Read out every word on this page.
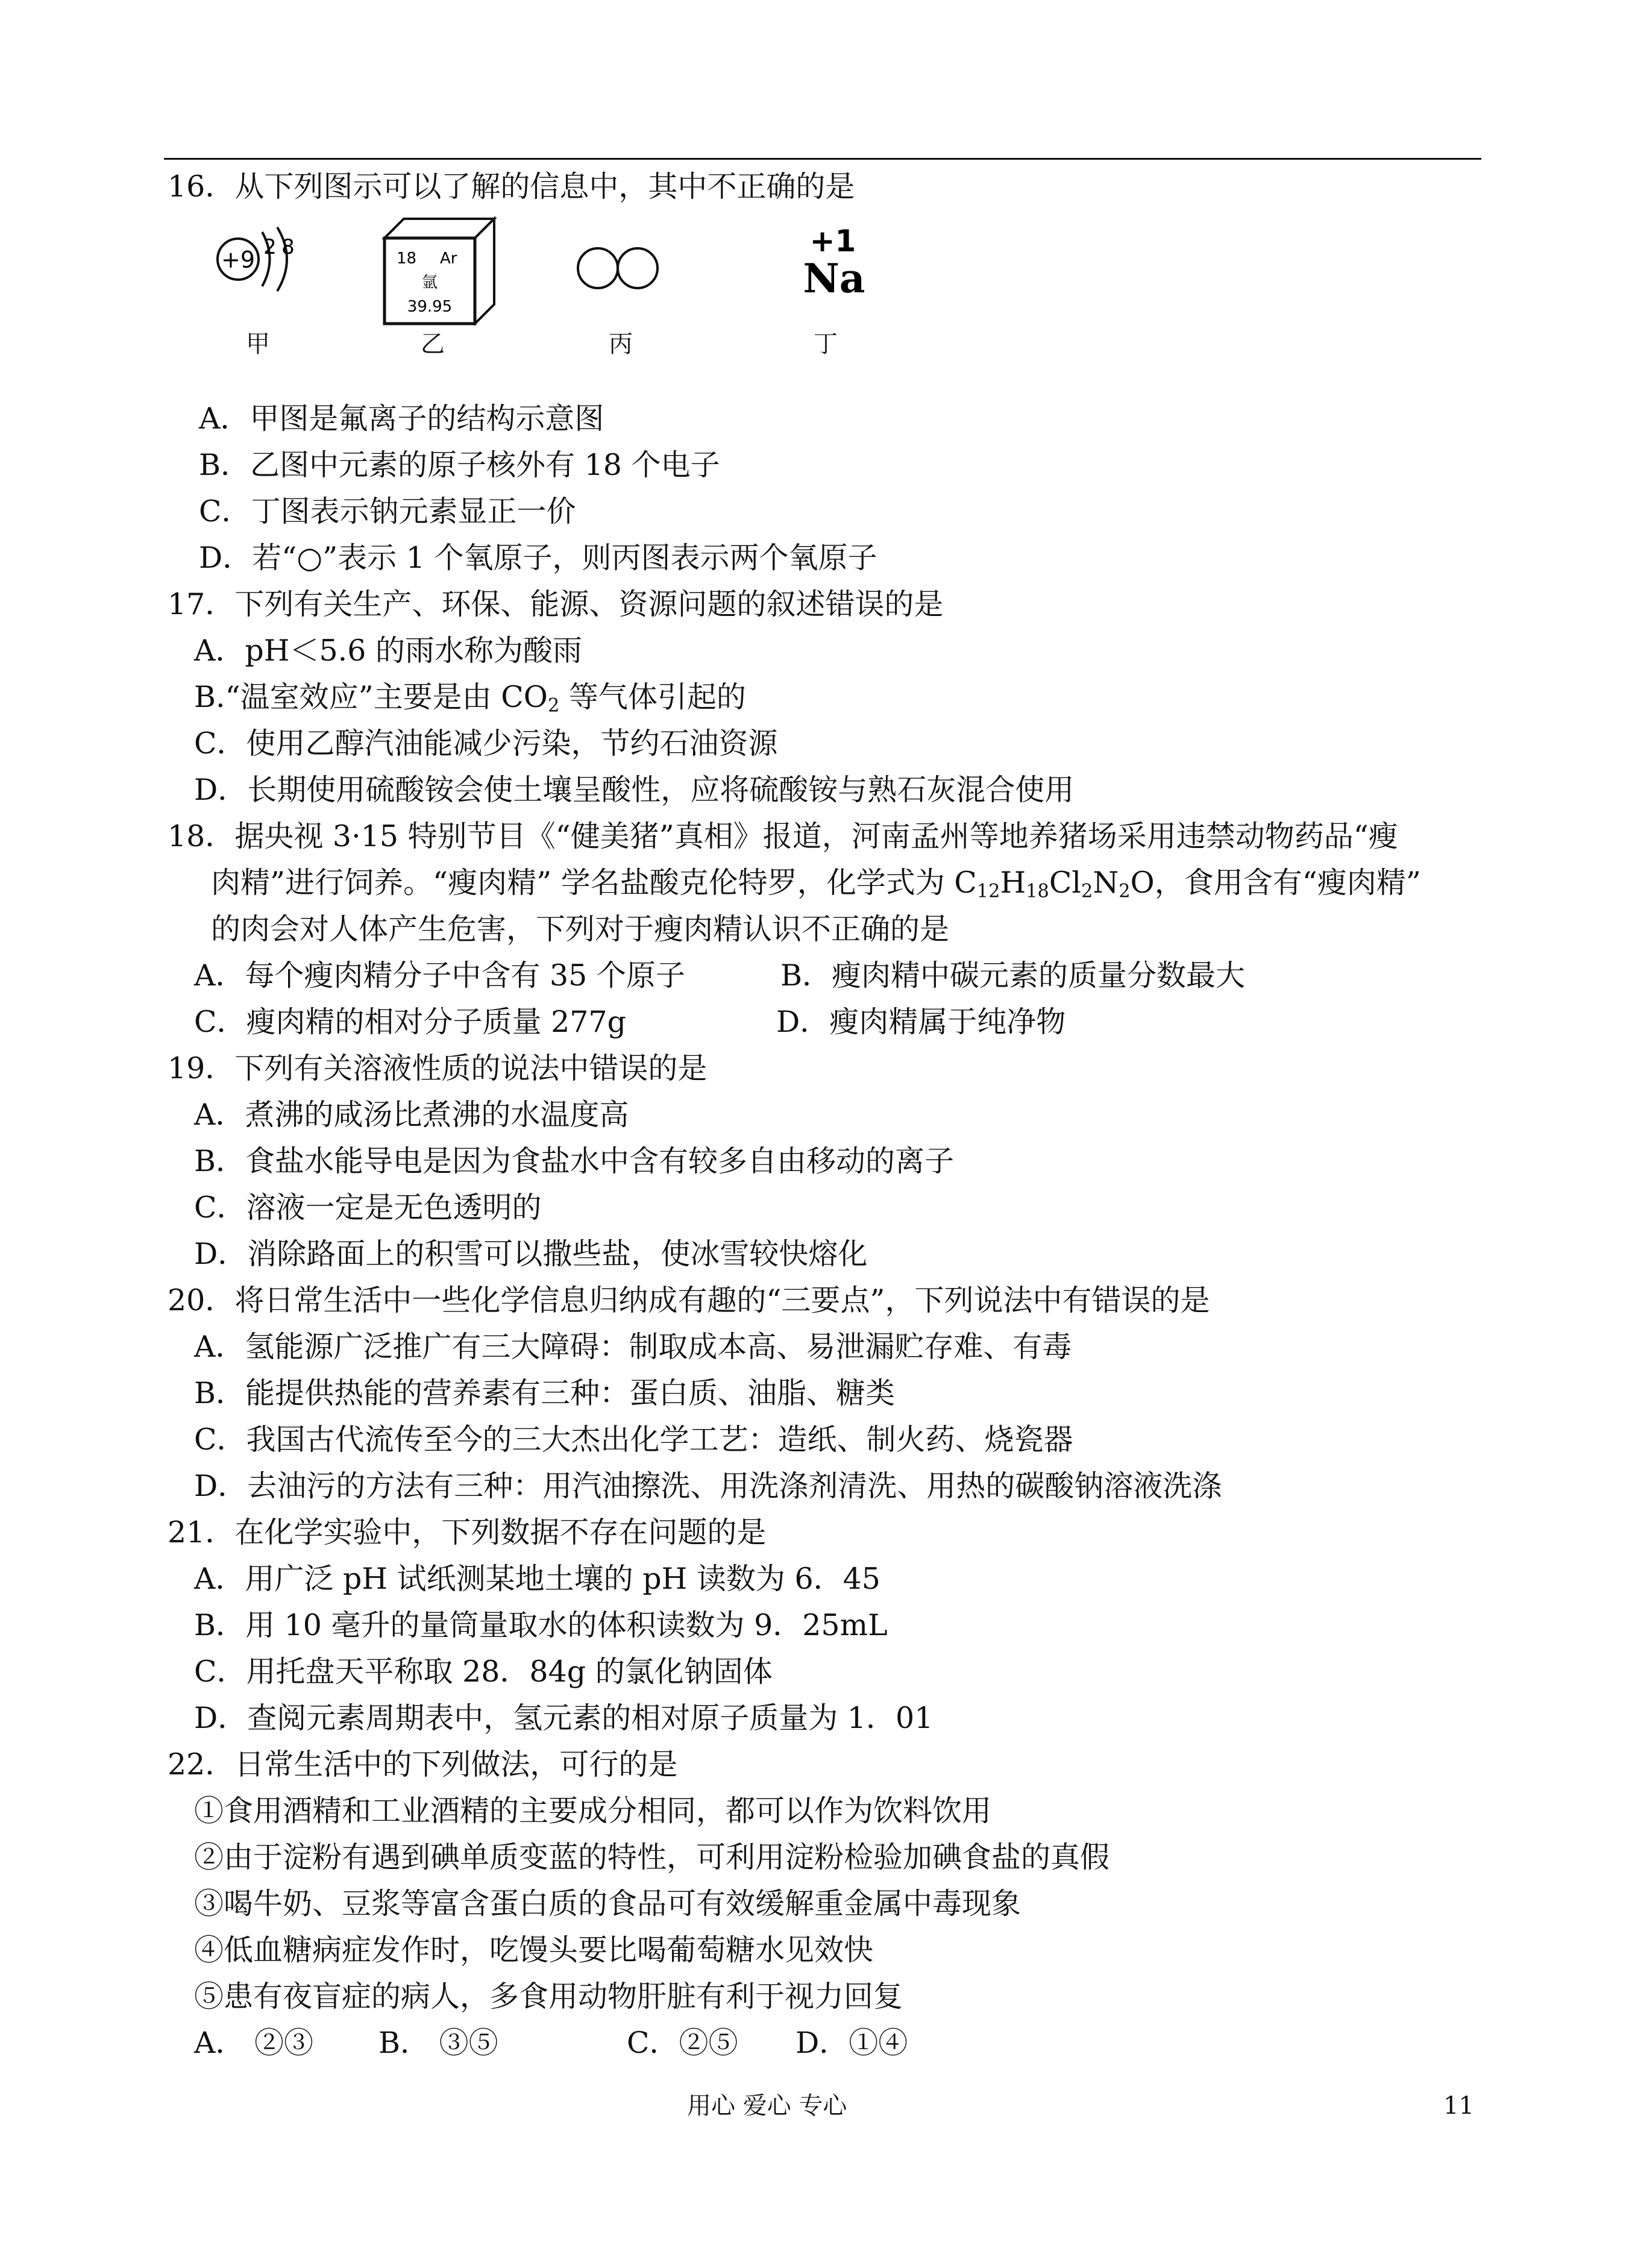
16．从下列图示可以了解的信息中，其中不正确的是
+9 2 8	18 Ar
氩
39.95
+1
Na
甲	乙	丙	丁
A．甲图是氟离子的结构示意图
B．乙图中元素的原子核外有 18 个电子
C．丁图表示钠元素显正一价
D．若“○”表示 1 个氧原子，则丙图表示两个氧原子
17．下列有关生产、环保、能源、资源问题的叙述错误的是
A．pH＜5.6 的雨水称为酸雨
B.“温室效应”主要是由 $CO_2$ 等气体引起的
C．使用乙醇汽油能减少污染，节约石油资源
D．长期使用硫酸铵会使土壤呈酸性，应将硫酸铵与熟石灰混合使用
18．据央视 3·15 特别节目《“健美猪”真相》报道，河南孟州等地养猪场采用违禁动物药品“瘦
肉精”进行饲养。“瘦肉精” 学名盐酸克伦特罗，化学式为 $C_{12}H_{18}Cl_2N_2O$，食用含有“瘦肉精”
的肉会对人体产生危害，下列对于瘦肉精认识不正确的是
A．每个瘦肉精分子中含有 35 个原子	B．瘦肉精中碳元素的质量分数最大
C．瘦肉精的相对分子质量 277g	D．瘦肉精属于纯净物
19．下列有关溶液性质的说法中错误的是
A．煮沸的咸汤比煮沸的水温度高
B．食盐水能导电是因为食盐水中含有较多自由移动的离子
C．溶液一定是无色透明的
D．消除路面上的积雪可以撒些盐，使冰雪较快熔化
20．将日常生活中一些化学信息归纳成有趣的“三要点”，下列说法中有错误的是
A．氢能源广泛推广有三大障碍：制取成本高、易泄漏贮存难、有毒
B．能提供热能的营养素有三种：蛋白质、油脂、糖类
C．我国古代流传至今的三大杰出化学工艺：造纸、制火药、烧瓷器
D．去油污的方法有三种：用汽油擦洗、用洗涤剂清洗、用热的碳酸钠溶液洗涤
21．在化学实验中，下列数据不存在问题的是
A．用广泛 pH 试纸测某地土壤的 pH 读数为 6．45
B．用 10 毫升的量筒量取水的体积读数为 9．25mL
C．用托盘天平称取 28．84g 的氯化钠固体
D．查阅元素周期表中，氢元素的相对原子质量为 1．01
22．日常生活中的下列做法，可行的是
①食用酒精和工业酒精的主要成分相同，都可以作为饮料饮用
②由于淀粉有遇到碘单质变蓝的特性，可利用淀粉检验加碘食盐的真假
③喝牛奶、豆浆等富含蛋白质的食品可有效缓解重金属中毒现象
④低血糖病症发作时，吃馒头要比喝葡萄糖水见效快
⑤患有夜盲症的病人，多食用动物肝脏有利于视力回复
A． ②③ B． ③⑤	C．②⑤ D．①④
用心 爱心 专心	11
